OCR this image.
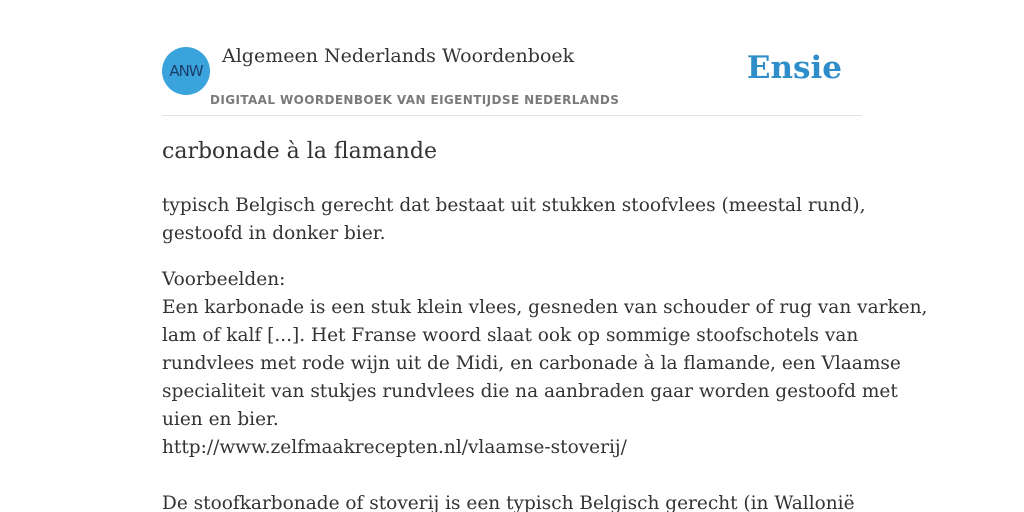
ANW
Algemeen Nederlands Woordenboek
DIGITAAL WOORDENBOEK VAN EIGENTIJDSE NEDERLANDS
Ensie
carbonade à la flamande

typisch Belgisch gerecht dat bestaat uit stukken stoofvlees (meestal rund),
gestoofd in donker bier.

Voorbeelden:
Een karbonade is een stuk klein vlees, gesneden van schouder of rug van varken,
lam of kalf [...]. Het Franse woord slaat ook op sommige stoofschotels van
rundvlees met rode wijn uit de Midi, en carbonade à la flamande, een Vlaamse
specialiteit van stukjes rundvlees die na aanbraden gaar worden gestoofd met
uien en bier.
http://www.zelfmaakrecepten.nl/vlaamse-stoverij/
De stoofkarbonade of stoverij is een typisch Belgisch gerecht (in Wallonië
